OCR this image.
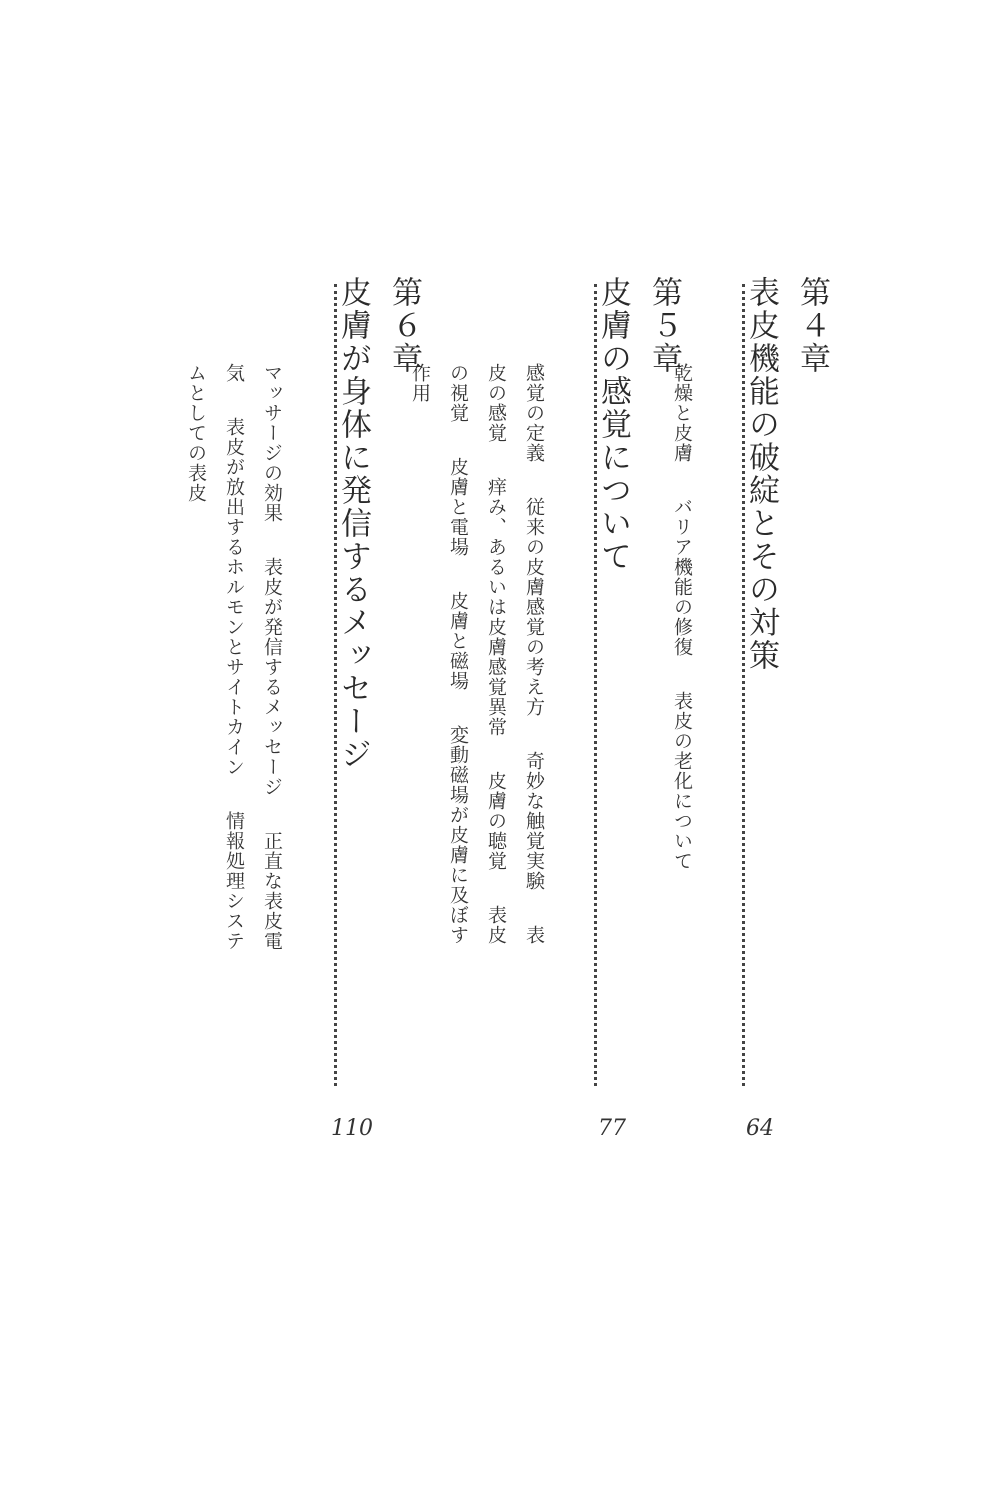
第４章
表皮機能の破綻とその対策
64
乾燥と皮膚バリア機能の修復表皮の老化について
第５章
皮膚の感覚について
77
感覚の定義従来の皮膚感覚の考え方奇妙な触覚実験表
皮の感覚痒み、あるいは皮膚感覚異常皮膚の聴覚表皮
の視覚皮膚と電場皮膚と磁場変動磁場が皮膚に及ぼす
作用
第６章
皮膚が身体に発信するメッセージ
110
マッサージの効果表皮が発信するメッセージ正直な表皮電
気表皮が放出するホルモンとサイトカイン情報処理システ
ムとしての表皮
